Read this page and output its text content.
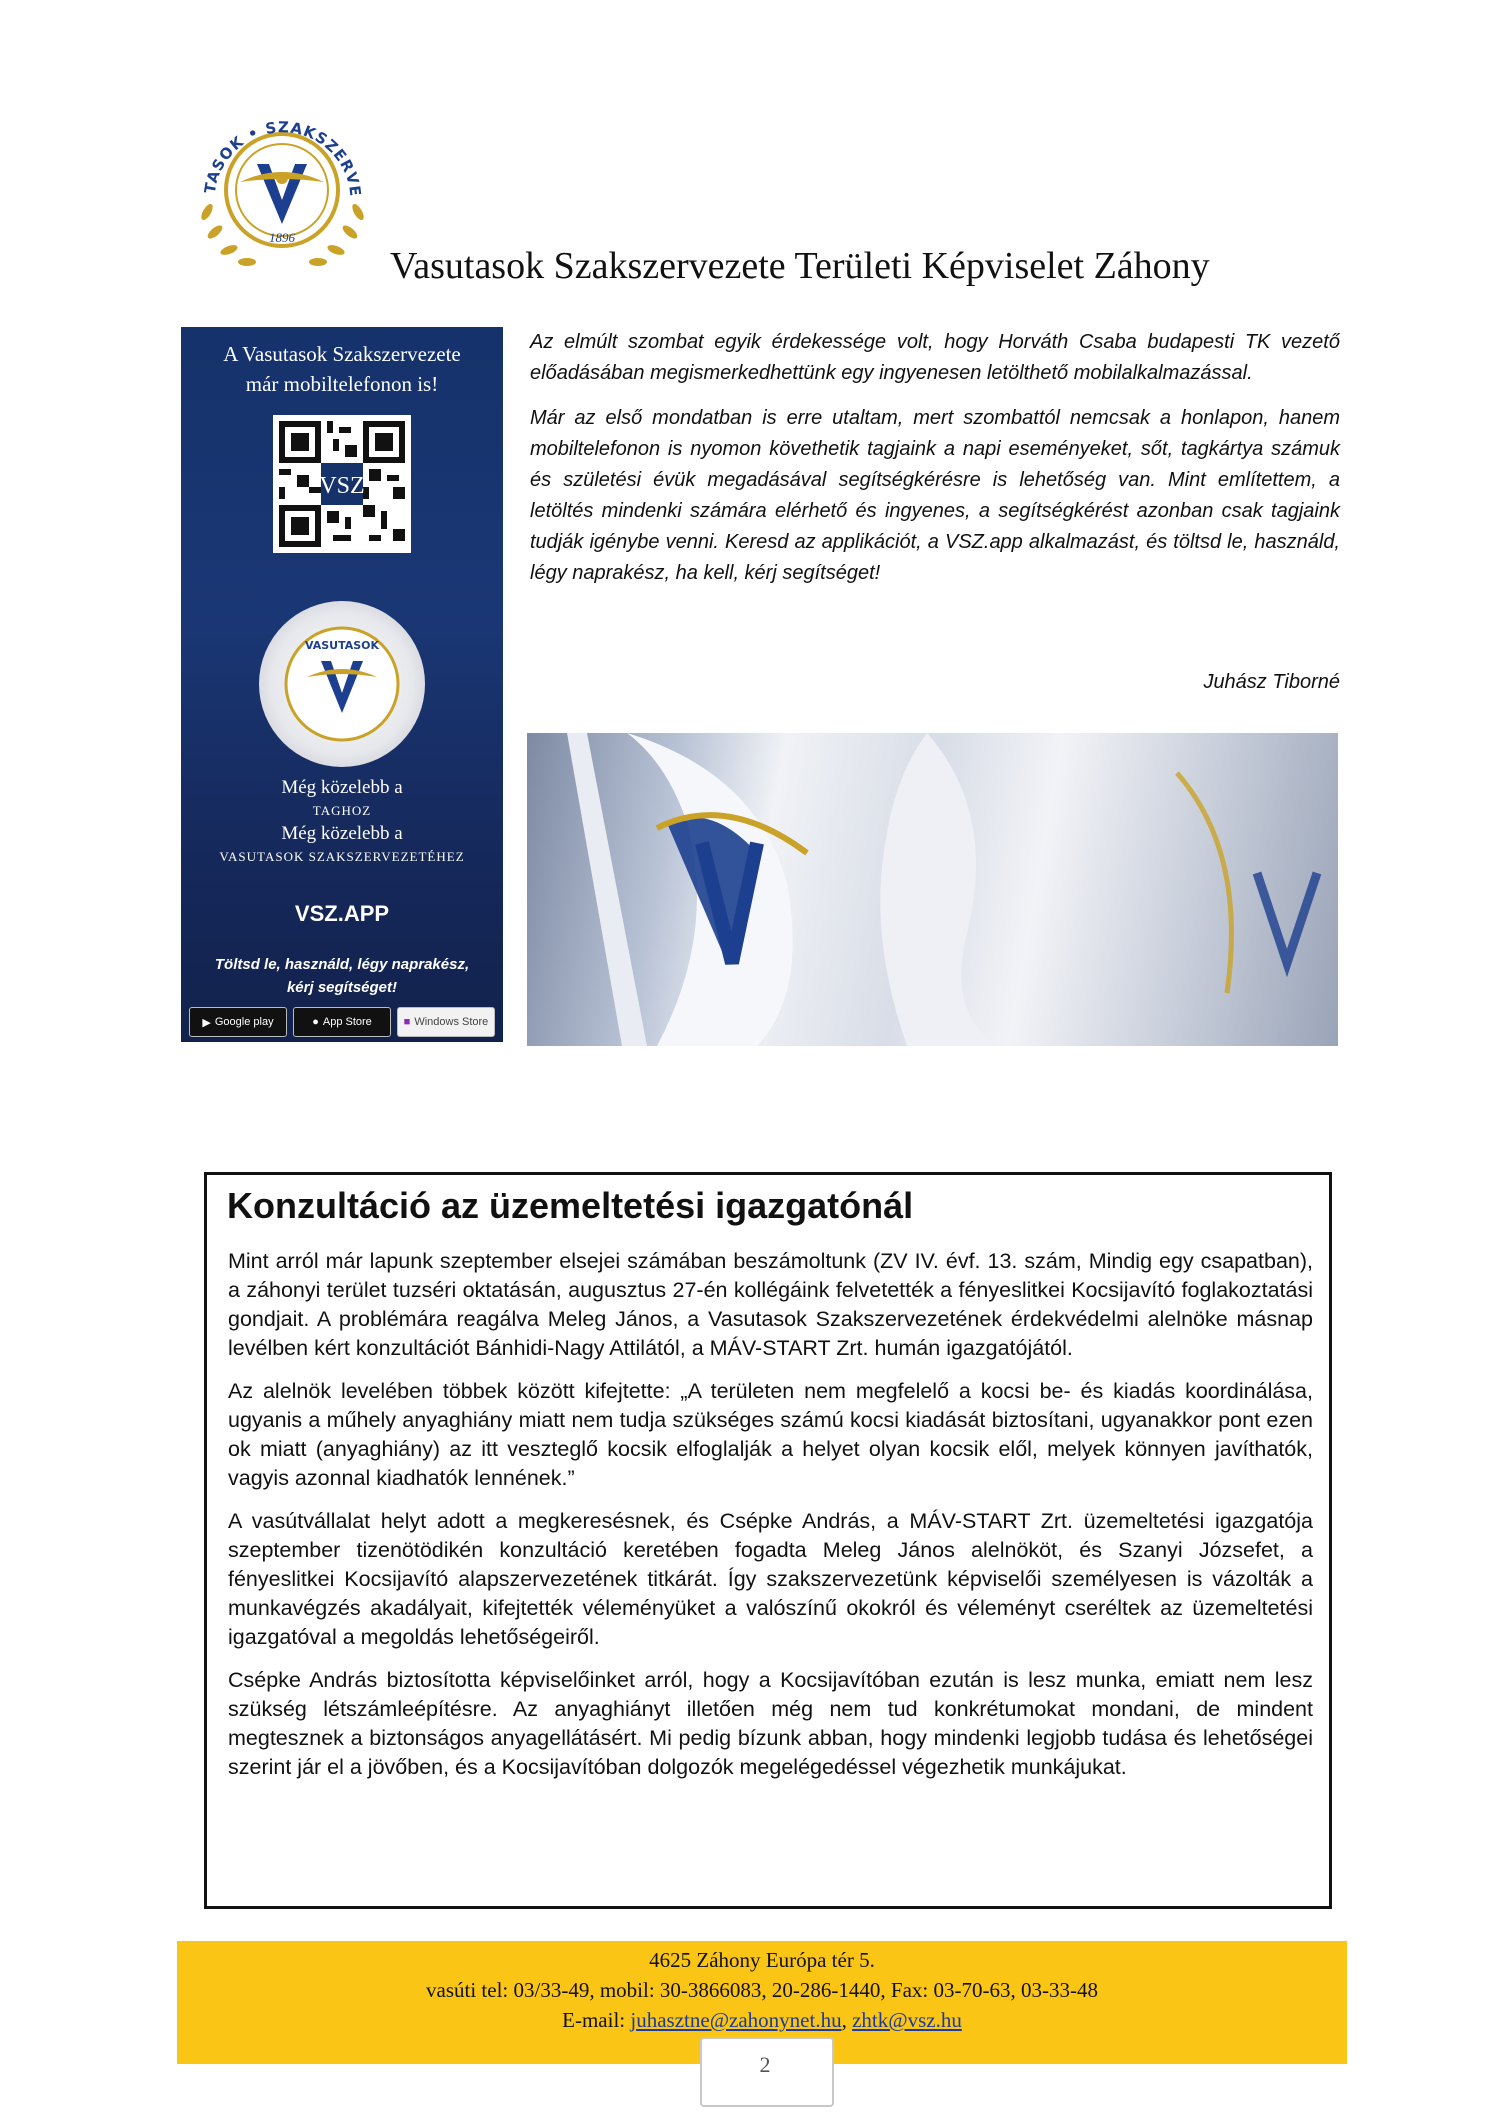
TASOK • SZAKSZERVE
1896
Vasutasok Szakszervezete Területi Képviselet Záhony
A Vasutasok Szakszervezete
már mobiltelefonon is!
VSZ
VASUTASOK
Még közelebb a
TAGHOZ
Még közelebb a
VASUTASOK SZAKSZERVEZETÉHEZ
VSZ.APP
Töltsd le, használd, légy naprakész,
kérj segítséget!
▶ Google play	● App Store	■ Windows Store

Az elmúlt szombat egyik érdekessége volt, hogy Horváth Csaba budapesti TK vezető előadásában megismerkedhettünk egy ingyenesen letölthető mobilalkalmazással.

Már az első mondatban is erre utaltam, mert szombattól nemcsak a honlapon, hanem mobiltelefonon is nyomon követhetik tagjaink a napi eseményeket, sőt, tagkártya számuk és születési évük megadásával segítségkérésre is lehetőség van. Mint említettem, a letöltés mindenki számára elérhető és ingyenes, a segítségkérést azonban csak tagjaink tudják igénybe venni. Keresd az applikációt, a VSZ.app alkalmazást, és töltsd le, használd, légy naprakész, ha kell, kérj segítséget!

Juhász Tiborné
Konzultáció az üzemeltetési igazgatónál

Mint arról már lapunk szeptember elsejei számában beszámoltunk (ZV IV. évf. 13. szám, Mindig egy csapatban), a záhonyi terület tuzséri oktatásán, augusztus 27-én kollégáink felvetették a fényeslitkei Kocsijavító foglakoztatási gondjait. A problémára reagálva Meleg János, a Vasutasok Szakszervezetének érdekvédelmi alelnöke másnap levélben kért konzultációt Bánhidi-Nagy Attilától, a MÁV-START Zrt. humán igazgatójától.

Az alelnök levelében többek között kifejtette: „A területen nem megfelelő a kocsi be- és kiadás koordinálása, ugyanis a műhely anyaghiány miatt nem tudja szükséges számú kocsi kiadását biztosítani, ugyanakkor pont ezen ok miatt (anyaghiány) az itt veszteglő kocsik elfoglalják a helyet olyan kocsik elől, melyek könnyen javíthatók, vagyis azonnal kiadhatók lennének.”

A vasútvállalat helyt adott a megkeresésnek, és Csépke András, a MÁV-START Zrt. üzemeltetési igazgatója szeptember tizenötödikén konzultáció keretében fogadta Meleg János alelnököt, és Szanyi Józsefet, a fényeslitkei Kocsijavító alapszervezetének titkárát. Így szakszervezetünk képviselői személyesen is vázolták a munkavégzés akadályait, kifejtették véleményüket a valószínű okokról és véleményt cseréltek az üzemeltetési igazgatóval a megoldás lehetőségeiről.

Csépke András biztosította képviselőinket arról, hogy a Kocsijavítóban ezután is lesz munka, emiatt nem lesz szükség létszámleépítésre. Az anyaghiányt illetően még nem tud konkrétumokat mondani, de mindent megtesznek a biztonságos anyagellátásért. Mi pedig bízunk abban, hogy mindenki legjobb tudása és lehetőségei szerint jár el a jövőben, és a Kocsijavítóban dolgozók megelégedéssel végezhetik munkájukat.

4625 Záhony Európa tér 5.
vasúti tel: 03/33-49, mobil: 30-3866083, 20-286-1440, Fax: 03-70-63, 03-33-48
E-mail: juhasztne@zahonynet.hu, zhtk@vsz.hu
2
